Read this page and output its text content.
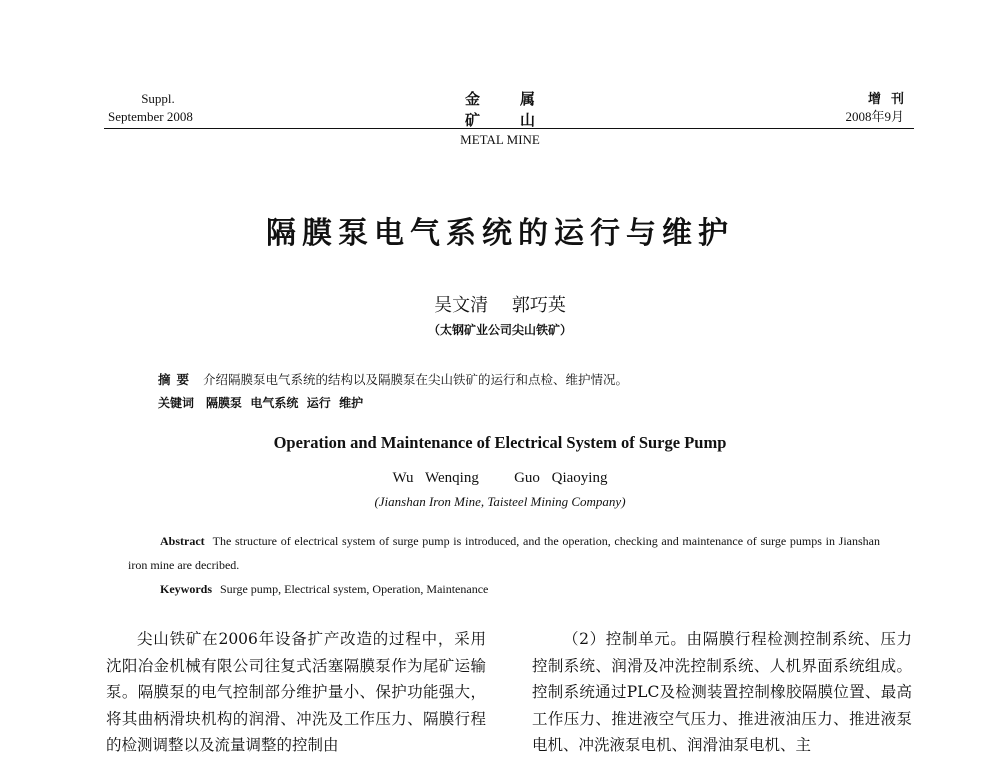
Suppl.
September 2008
金属矿山
METAL MINE
增刊
2008年9月
隔膜泵电气系统的运行与维护
吴文清 郭巧英
（太钢矿业公司尖山铁矿）
摘要 介绍隔膜泵电气系统的结构以及隔膜泵在尖山铁矿的运行和点检、维护情况。
关键词 隔膜泵  电气系统  运行  维护
Operation and Maintenance of Electrical System of Surge Pump
Wu Wenqing   Guo Qiaoying
(Jianshan Iron Mine, Taisteel Mining Company)
Abstract The structure of electrical system of surge pump is introduced, and the operation, checking and maintenance of surge pumps in Jianshan iron mine are decribed.
Keywords Surge pump, Electrical system, Operation, Maintenance
尖山铁矿在2006年设备扩产改造的过程中，采用沈阳冶金机械有限公司往复式活塞隔膜泵作为尾矿运输泵。隔膜泵的电气控制部分维护量小、保护功能强大，将其曲柄滑块机构的润滑、冲洗及工作压力、隔膜行程的检测调整以及流量调整的控制由
（2）控制单元。由隔膜行程检测控制系统、压力控制系统、润滑及冲洗控制系统、人机界面系统组成。控制系统通过PLC及检测装置控制橡胶隔膜位置、最高工作压力、推进液空气压力、推进液油压力、推进液泵电机、冲洗液泵电机、润滑油泵电机、主
